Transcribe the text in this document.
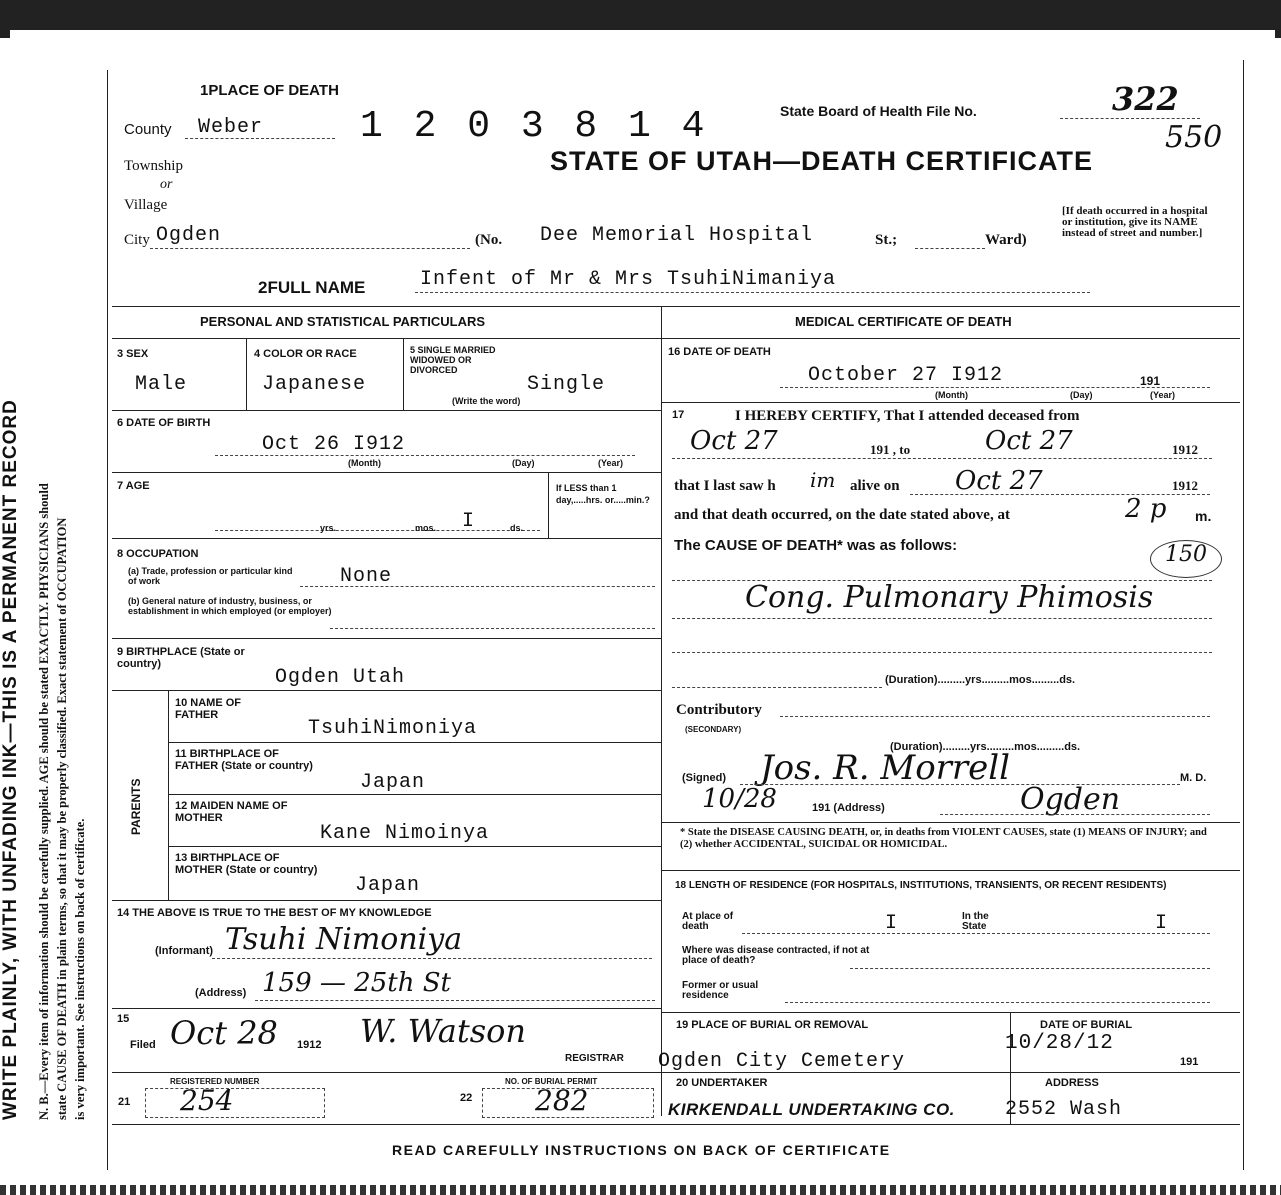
WRITE PLAINLY, WITH UNFADING INK—THIS IS A PERMANENT RECORD N. B.—Every item of information should be carefully supplied. AGE should be stated EXACTLY. PHYSICIANS should state CAUSE OF DEATH in plain terms, so that it may be properly classified. Exact statement of OCCUPATION is very important. See instructions on back of certificate.
1PLACE OF DEATH
County Weber	1 2 0 3 8 1 4	State Board of Health File No.	322
550
STATE OF UTAH—DEATH CERTIFICATE
Township
or
Village
City Ogden	(No. Dee Memorial Hospital	St.;	Ward)
[If death occurred in a hospital or institution, give its NAME instead of street and number.]
2FULL NAME	Infent of Mr & Mrs TsuhiNimaniya
PERSONAL AND STATISTICAL PARTICULARS
3 SEX
Male
4 COLOR OR RACE
Japanese
5 SINGLE MARRIED WIDOWED OR DIVORCED
(Write the word)
Single
6 DATE OF BIRTH
Oct 26 I912
(Month)	(Day)	(Year)
7 AGE
yrs.	mos. I	ds.
If LESS than 1 day,.....hrs. or.....min.?
8 OCCUPATION
(a) Trade, profession or particular kind of work	None
(b) General nature of industry, business, or establishment in which employed (or employer)
9 BIRTHPLACE (State or country)
Ogden Utah
PARENTS
10 NAME OF FATHER
TsuhiNimoniya
11 BIRTHPLACE OF FATHER (State or country)
Japan
12 MAIDEN NAME OF MOTHER
Kane Nimoinya
13 BIRTHPLACE OF MOTHER (State or country)
Japan
14 THE ABOVE IS TRUE TO THE BEST OF MY KNOWLEDGE
(Informant) Tsuhi Nimoniya
(Address) 159 — 25th St
15
Filed Oct 28 1912 W. Watson
REGISTRAR
REGISTERED NUMBER
21 254
NO. OF BURIAL PERMIT
22 282
MEDICAL CERTIFICATE OF DEATH
16 DATE OF DEATH
October 27 I912	191
(Month)	(Day)	(Year)
17	I HEREBY CERTIFY, That I attended deceased from
Oct 27	191 , to	Oct 27	1912
that I last saw h im alive on Oct 27	1912
and that death occurred, on the date stated above, at	2 p m.
The CAUSE OF DEATH* was as follows:	150
Cong. Pulmonary Phimosis
(Duration).........yrs.........mos.........ds.
Contributory
(SECONDARY)
(Duration).........yrs.........mos.........ds.
(Signed) Jos. R. Morrell	M. D.
10/28	191 (Address)	Ogden
* State the DISEASE CAUSING DEATH, or, in deaths from VIOLENT CAUSES, state (1) MEANS OF INJURY; and (2) whether ACCIDENTAL, SUICIDAL OR HOMICIDAL.
18 LENGTH OF RESIDENCE (FOR HOSPITALS, INSTITUTIONS, TRANSIENTS, OR RECENT RESIDENTS)
At place of death	I	In the State	I
Where was disease contracted, if not at place of death?
Former or usual residence
19 PLACE OF BURIAL OR REMOVAL
Ogden City Cemetery
DATE OF BURIAL
10/28/12
191
20 UNDERTAKER
KIRKENDALL UNDERTAKING CO.
ADDRESS
2552 Wash
READ CAREFULLY INSTRUCTIONS ON BACK OF CERTIFICATE
